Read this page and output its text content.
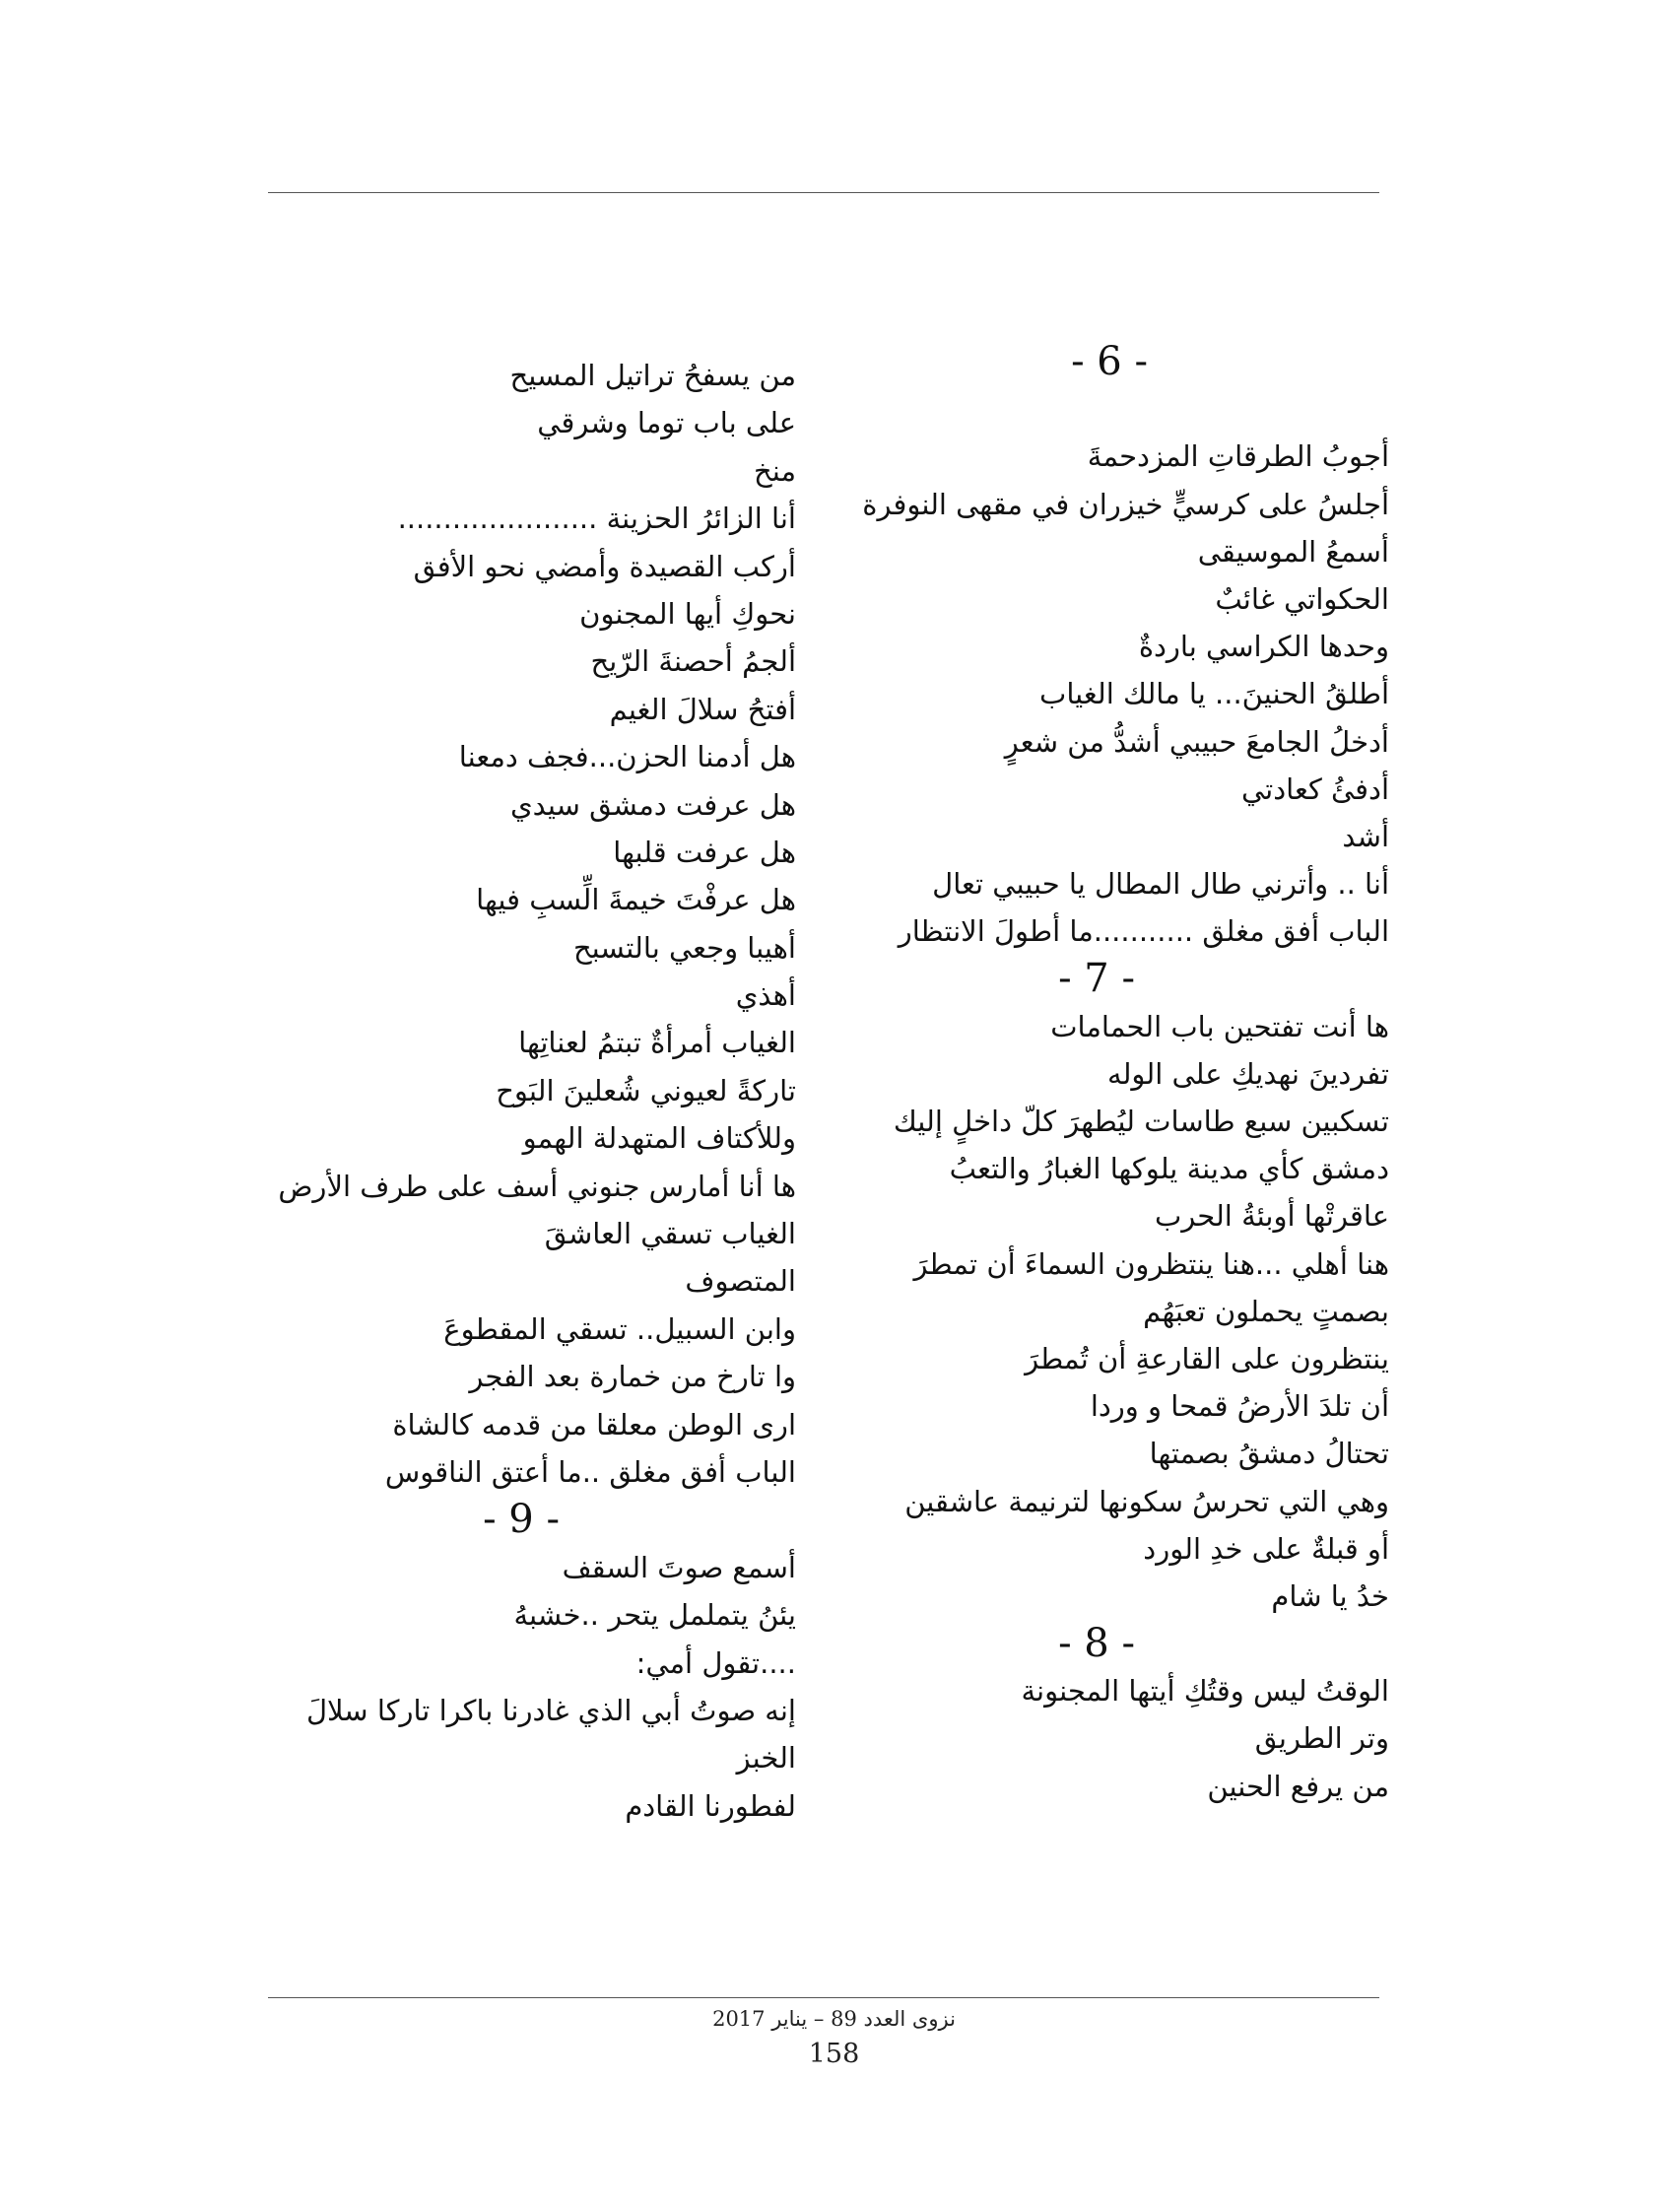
- 6 -
أجوبُ الطرقاتِ المزدحمةَ
أجلسُ على كرسيٍّ خيزران في مقهى النوفرة
أسمعُ الموسيقى
الحكواتي غائبٌ
وحدها الكراسي باردةٌ
أطلقُ الحنينَ... يا مالك الغياب
أدخلُ الجامعَ حبيبي أشدُّ من شعرٍ
أدفئُ كعادتي
أشد
أنا .. وأترني طال المطال يا حبيبي تعال
الباب أفق مغلق ...........ما أطولَ الانتظار
- 7 -
ها أنت تفتحين باب الحمامات
تفردينَ نهديكِ على الوله
تسكبين سبع طاسات ليُطهرَ كلّ داخلٍ إليك
دمشق كأي مدينة يلوكها الغبارُ والتعبُ
عاقرتْها أوبئةُ الحرب
هنا أهلي ...هنا ينتظرون السماءَ أن تمطرَ
بصمتٍ يحملون تعبَهُم
ينتظرون على القارعةِ أن تُمطرَ
أن تلدَ الأرضُ قمحا و وردا
تحتالُ دمشقُ بصمتها
وهي التي تحرسُ سكونها لترنيمة عاشقين
أو قبلةٌ على خدِ الورد
خدُ يا شام
- 8 -
الوقتُ ليس وقتُكِ أيتها المجنونة
وتر الطريق
من يرفع الحنين
من يسفحُ تراتيل المسيح
على باب توما وشرقي
منخ
أنا الزائرُ الحزينة ......................
أركب القصيدة وأمضي نحو الأفق
نحوكِ أيها المجنون
ألجمُ أحصنةَ الرّيح
أفتحُ سلالَ الغيم
هل أدمنا الحزن...فجف دمعنا
هل عرفت دمشق سيدي
هل عرفت قلبها
هل عرفْتَ خيمةَ الِّسبِ فيها
أهيبا وجعي بالتسبح
أهذي
الغياب أمرأةٌ تبتمُ لعناتِها
تاركةً لعيوني شُعلينَ البَوح
وللأكتاف المتهدلة الهمو
ها أنا أمارس جنوني أسف على طرف الأرض
الغياب تسقي العاشقَ
المتصوف
وابن السبيل.. تسقي المقطوعَ
وا تارخ من خمارة بعد الفجر
ارى الوطن معلقا من قدمه كالشاة
الباب أفق مغلق ..ما أعتق الناقوس
- 9 -
أسمع صوتَ السقف
يئنُ يتململ يتحر ..خشبهُ
....تقول أمي:
إنه صوتُ أبي الذي غادرنا باكرا تاركا سلالَ
الخبز
لفطورنا القادم
نزوى العدد 89 – يناير 2017
158
